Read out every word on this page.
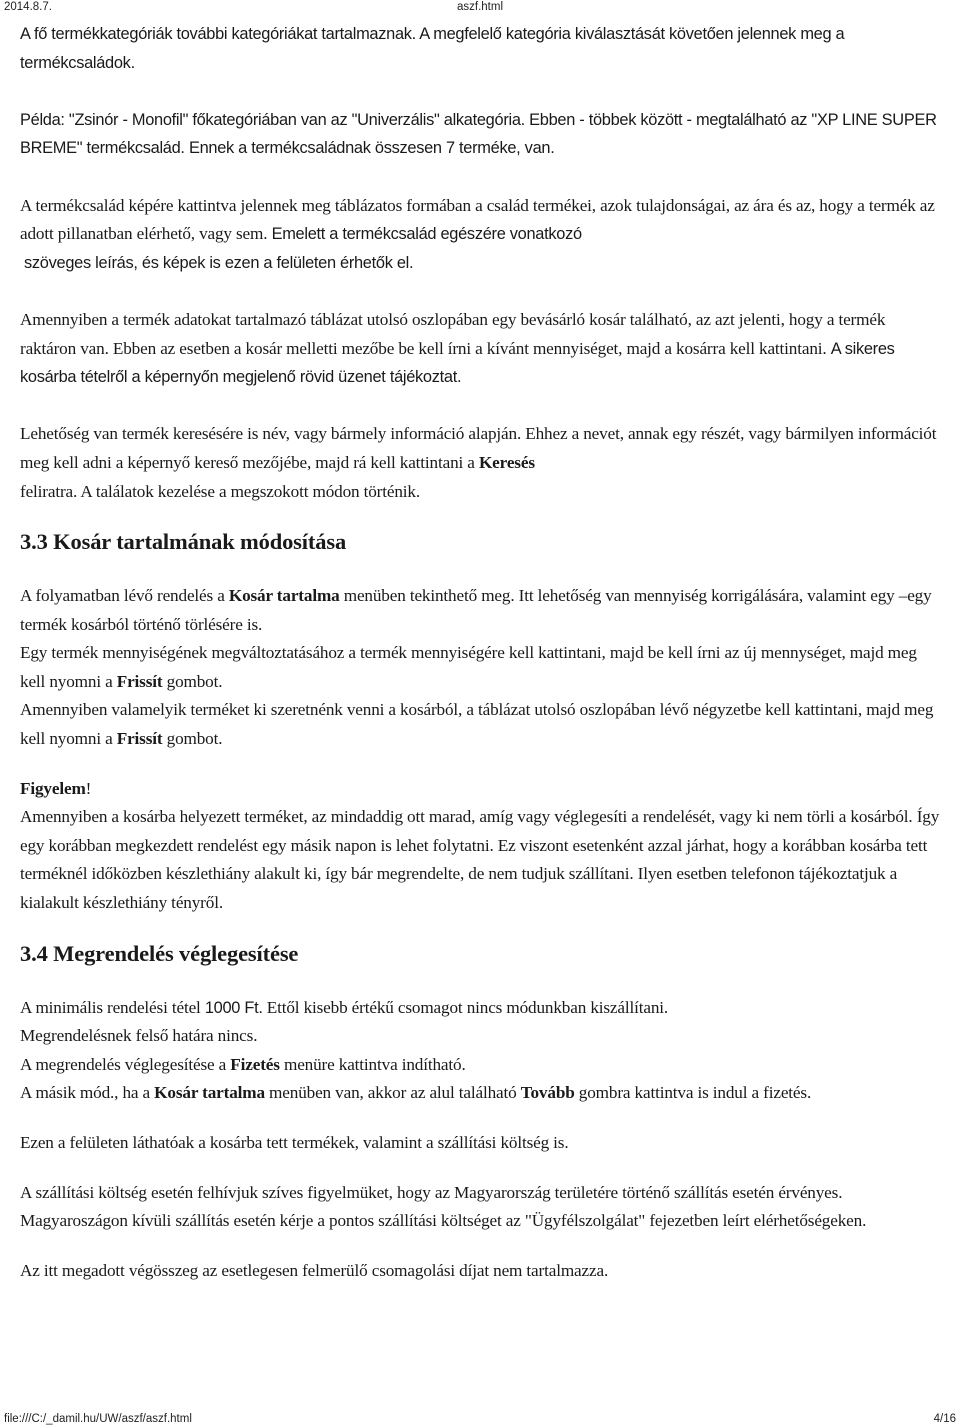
2014.8.7.	aszf.html

A fő termékkategóriák további kategóriákat tartalmaznak. A megfelelő kategória kiválasztását követően jelennek meg a termékcsaládok.

Példa: "Zsinór - Monofil" főkategóriában van az "Univerzális" alkategória. Ebben - többek között - megtalálható az "XP LINE SUPER BREME" termékcsalád. Ennek a termékcsaládnak összesen 7 terméke, van.

A termékcsalád képére kattintva jelennek meg táblázatos formában a család termékei, azok tulajdonságai, az ára és az, hogy a termék az adott pillanatban elérhető, vagy sem. Emelett a termékcsalád egészére vonatkozó
szöveges leírás, és képek is ezen a felületen érhetők el.

Amennyiben a termék adatokat tartalmazó táblázat utolsó oszlopában egy bevásárló kosár található, az azt jelenti, hogy a termék raktáron van. Ebben az esetben a kosár melletti mezőbe be kell írni a kívánt mennyiséget, majd a kosárra kell kattintani. A sikeres kosárba tételről a képernyőn megjelenő rövid üzenet tájékoztat.

Lehetőség van termék keresésére is név, vagy bármely információ alapján. Ehhez a nevet, annak egy részét, vagy bármilyen információt meg kell adni a képernyő kereső mezőjébe, majd rá kell kattintani a Keresés
feliratra. A találatok kezelése a megszokott módon történik.

3.3 Kosár tartalmának módosítása

A folyamatban lévő rendelés a Kosár tartalma menüben tekinthető meg. Itt lehetőség van mennyiség korrigálására, valamint egy –egy termék kosárból történő törlésére is.

Egy termék mennyiségének megváltoztatásához a termék mennyiségére kell kattintani, majd be kell írni az új mennységet, majd meg kell nyomni a Frissít gombot.

Amennyiben valamelyik terméket ki szeretnénk venni a kosárból, a táblázat utolsó oszlopában lévő négyzetbe kell kattintani, majd meg kell nyomni a Frissít gombot.

Figyelem!

Amennyiben a kosárba helyezett terméket, az mindaddig ott marad, amíg vagy véglegesíti a rendelését, vagy ki nem törli a kosárból. Így egy korábban megkezdett rendelést egy másik napon is lehet folytatni. Ez viszont esetenként azzal járhat, hogy a korábban kosárba tett terméknél időközben készlethiány alakult ki, így bár megrendelte, de nem tudjuk szállítani. Ilyen esetben telefonon tájékoztatjuk a kialakult készlethiány tényről.

3.4 Megrendelés véglegesítése

A minimális rendelési tétel 1000 Ft. Ettől kisebb értékű csomagot nincs módunkban kiszállítani.

Megrendelésnek felső határa nincs.

A megrendelés véglegesítése a Fizetés menüre kattintva indítható.

A másik mód., ha a Kosár tartalma menüben van, akkor az alul található Tovább gombra kattintva is indul a fizetés.

Ezen a felületen láthatóak a kosárba tett termékek, valamint a szállítási költség is.

A szállítási költség esetén felhívjuk szíves figyelmüket, hogy az Magyarország területére történő szállítás esetén érvényes. Magyaroszágon kívüli szállítás esetén kérje a pontos szállítási költséget az "Ügyfélszolgálat" fejezetben leírt elérhetőségeken.

Az itt megadott végösszeg az esetlegesen felmerülő csomagolási díjat nem tartalmazza.

file:///C:/_damil.hu/UW/aszf/aszf.html	4/16
